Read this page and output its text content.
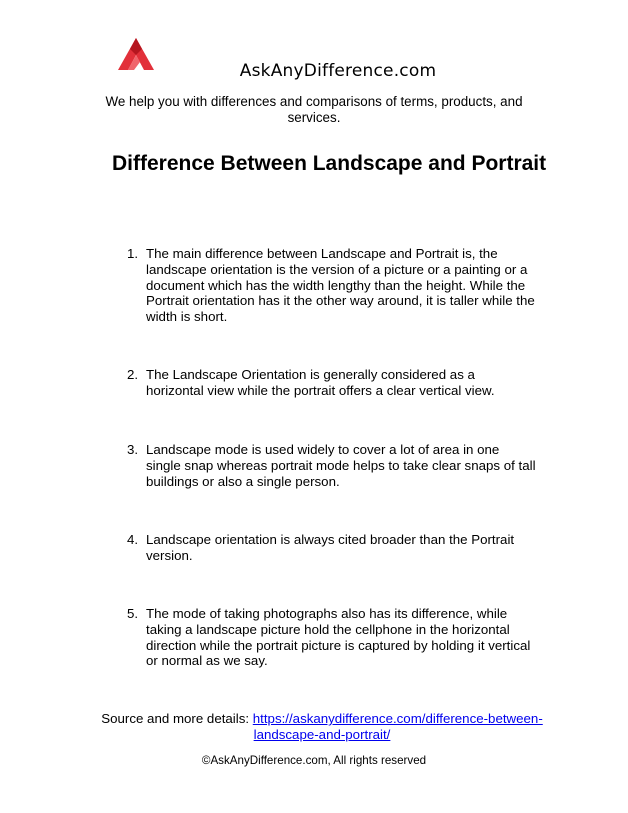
AskAnyDifference.com
We help you with differences and comparisons of terms, products, and services.
Difference Between Landscape and Portrait
1. The main difference between Landscape and Portrait is, the landscape orientation is the version of a picture or a painting or a document which has the width lengthy than the height. While the Portrait orientation has it the other way around, it is taller while the width is short.
2. The Landscape Orientation is generally considered as a horizontal view while the portrait offers a clear vertical view.
3. Landscape mode is used widely to cover a lot of area in one single snap whereas portrait mode helps to take clear snaps of tall buildings or also a single person.
4. Landscape orientation is always cited broader than the Portrait version.
5. The mode of taking photographs also has its difference, while taking a landscape picture hold the cellphone in the horizontal direction while the portrait picture is captured by holding it vertical or normal as we say.
Source and more details: https://askanydifference.com/difference-between-landscape-and-portrait/
©AskAnyDifference.com, All rights reserved
